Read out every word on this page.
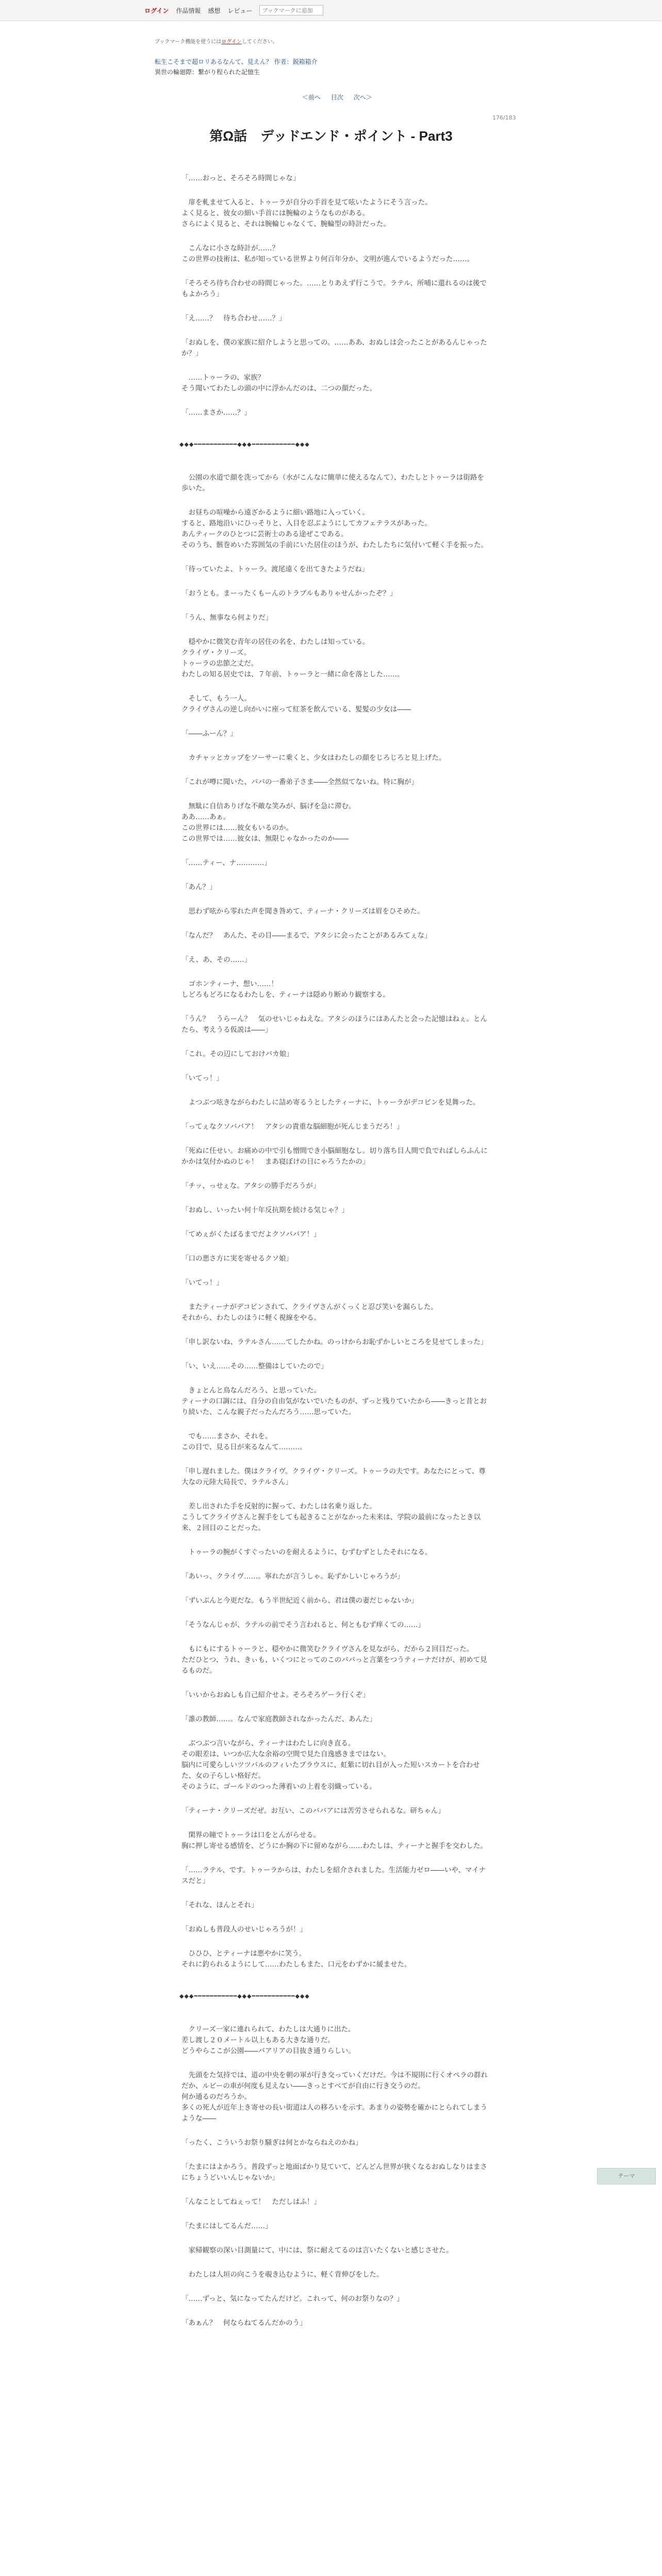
ログイン 作品情報 感想 レビュー
ブックマークに追加
ブックマーク機能を使うにはログインしてください。
転生こそまで超ロリあるなんて、見えん？ 作者：鋭箱箱介
異世の輪廻際：繋がり程られた記憶生
＜前へ 目次 次へ＞
176/183
第Ω話　デッドエンド・ポイント - Part3

「……おっと、そろそろ時間じゃな」

　扉を軋ませて入ると、トゥーラが自分の手首を見て呟いたようにそう言った。
よく見ると、彼女の細い手首には腕輪のようなものがある。
さらによく見ると、それは腕輪じゃなくて、腕輪型の時計だった。

　こんなに小さな時計が……？
この世界の技術は、私が知っている世界より何百年分か、文明が進んでいるようだった……。

「そろそろ待ち合わせの時間じゃった。……とりあえず行こうで。ラテル、所哺に還れるのは後でもよかろう」

「え……？　待ち合わせ……？」

「おぬしを、僕の家族に紹介しようと思っての。……ああ、おぬしは会ったことがあるんじゃったか？」

　……トゥーラの、家族？
そう聞いてわたしの頭の中に浮かんだのは、二つの顔だった。

「……まさか……？」

◆◆◆━━━━━━━━━━━◆◆◆━━━━━━━━━━━◆◆◆

　公園の水道で顔を洗ってから（水がこんなに簡単に使えるなんて）、わたしとトゥーラは街路を歩いた。

　お昼ちの喧噪から遠ざかるように細い路地に入っていく。
すると、路地沿いにひっそりと、入目を忍ぶようにしてカフェテラスがあった。
あんティークのひとつに芸術士のある途ぜこである。
そのうち、骸巻めいた雰囲気の手前にいた居住のほうが、わたしたちに気付いて軽く手を振った。

「待っていたよ、トゥーラ。渡尾遠くを出てきたようだね」

「おうとも。まーったくもーんのトラブルもありゃせんかったぞ？」

「うん、無事なら何よりだ」

　穏やかに微笑む青年の居住の名を、わたしは知っている。
クライヴ・クリーズ。
トゥーラの忠節之丈だ。
わたしの知る居史では、７年前、トゥーラと一緒に命を落とした……。

　そして、もう一人。
クライヴさんの逆し向かいに座って紅茶を飲んでいる、髪髪の少女は――

「――ふーん？」

　カチャッとカップをソーサーに乗くと、少女はわたしの顔をじろじろと見上げた。

「これが噂に聞いた、パパの一番弟子さま――全然似てないね。特に胸が」

　無駄に自信ありげな不敵な笑みが、脳げを急に滞む。
ああ……あぁ。
この世界には……彼女もいるのか。
この世界では……彼女は、無限じゃなかったのか――

「……ティー、ナ…………」

「あん？」

　思わず呟から零れた声を聞き咎めて、ティーナ・クリーズは眉をひそめた。

「なんだ？　あんた、その目――まるで、アタシに会ったことがあるみてぇな」

「え、あ、その……」

　ゴホンティーナ、想い……！
しどろもどろになるわたしを、ティーナは隠めり断めり観察する。

「うん？　うらーん？　気のせいじゃねえな。アタシのほうにはあんたと会った記憶はねぇ。とんたら、考えうる仮説は――」

「これ。その辺にしておけバカ娘」

「いてっ！」

　よつぶつ呟きながらわたしに詰め寄るうとしたティーナに、トゥーラがデコピンを見舞った。

「ってぇなクソババア！　アタシの貴重な脳細胞が死んじまうだろ！」

「死ぬに任せい。お痛めの中で引も憎間でき小脳細胞なし。切り落ち目人間で負でればしらふんにかかは気付かぬのじゃ！　まあ寝ぼけの日にゃろうたかの」

「チッ、っせぇな。アタシの勝手だろうが」

「おぬし、いったい何十年反抗期を続ける気じゃ？」

「てめぇがくたばるまでだよクソババア！」

「口の悪さ方に実を寄せるクソ娘」

「いてっ！」

　またティーナがデコピンされて、クライヴさんがくっくと忍び笑いを漏らした。
それから、わたしのほうに軽く視線をやる。

「申し訳ないね、ラテルさん……てしたかね。のっけからお恥ずかしいところを見せてしまった」

「い、いえ……その……整備はしていたので」

　きょとんと鳥なんだろう、と思っていた。
ティーナの口調には、自分の自由気がないでいたものが、ずっと残りていたから――きっと昔とおり続いた、こんな親子だったんだろう……思っていた。

　でも……まさか、それを。
この目で、見る日が来るなんて………。

「申し遅れました。僕はクライヴ。クライヴ・クリーズ。トゥーラの夫です。あなたにとって、尊大なの元陸大局長で、ラテルさん」

　差し出された手を反射的に握って、わたしは名乗り返した。
こうしてクライヴさんと握手をしても起きることがなかった未来は、学院の最前になったとき以来、２回目のことだった。

　トゥーラの腕がくすぐったいのを耐えるように、むずむずとしたそれになる。

「あいっ、クライヴ……。寧れたが言うしゃ。恥ずかしいじゃろうが」

「ずいぶんと今更だな。もう半世紀近く前から、君は僕の妻だじゃないか」

「そうなんじゃが、ラテルの前でそう言われると、何ともむず痒くての……」

　もにもにするトゥーラと、穏やかに微笑むクライヴさんを見ながら、だから２回目だった。
ただひとつ、うれ、きぃも、いくつにとってのこのパパっと言葉をつうティーナだけが、初めて見るものだ。

「いいからおぬしも自己紹介せよ。そろそろゲーラ行くぞ」

「誰の教師……。なんで家庭教師されなかったんだ、あんた」

　ぶつぶつ言いながら、ティーナはわたしに向き直る。
その眼差は、いつか広大な余裕の空間で見た自逸感きまではない。
脳内に可愛らしいツツバルのフィいたブラウスに、虹紫に切れ目が入った短いスカートを合わせた、女の子らしい格好だ。
そのように、ゴールドのつった薄着いの上着を羽織っている。

「ティーナ・クリーズだぜ。お互い、このババアには苦労させられるな。研ちゃん」

　閑界の瞳でトゥーラは口をとんがらせる。
胸に押し寄せる感情を、どうにか胸の下に留めながら……わたしは、ティーナと握手を交わした。

「……ラテル、です。トゥーラからは、わたしを紹介されました。生活能力ゼロ――いや、マイナスだと」

「それな、ほんとそれ」

「おぬしも普段人のせいじゃろうが！」

　ひひひ、とティーナは悪やかに笑う。
それに釣られるようにして……わたしもまた、口元をわずかに緩ませた。

◆◆◆━━━━━━━━━━━◆◆◆━━━━━━━━━━━◆◆◆

　クリーズ一家に連れられて、わたしは大通りに出た。
差し渡し２０メートル以上もある大きな通りだ。
どうやらここが公園――バアリアの目抜き通りらしい。

　先頭をた気持では、道の中央を朝の軍が行き交っていくだけだ。今は不規則に行くオペラの群れだか、ルビーの車が何度も見えない――きっとすべてが自由に行き交うのだ。
何か通るのだろうか。
多くの死人が近年上き寄せの長い街道は人の移ろいを示す。あまりの姿勢を確かにとられてしまうような――

「ったく、こういうお祭り騒ぎは何とかならねえのかね」

「たまにはよかろう。普段ずっと地面ばかり見ていて、どんどん世界が狭くなるおぬしなりはまさにちょうどいいんじゃないか」

「んなことしてねぇって！　ただしはふ！」

「たまにはしてるんだ……」

　家帰観察の深い目測量にて、中には、祭に耐えてるのは言いたくないと感じさせた。

　わたしは人垣の向こうを覗き込むように、軽く背伸びをした。

「……ずっと、気になってたんだけど。これって、何のお祭りなの？」

「あぁん？　何ならねてるんだかのう」

テーマ
